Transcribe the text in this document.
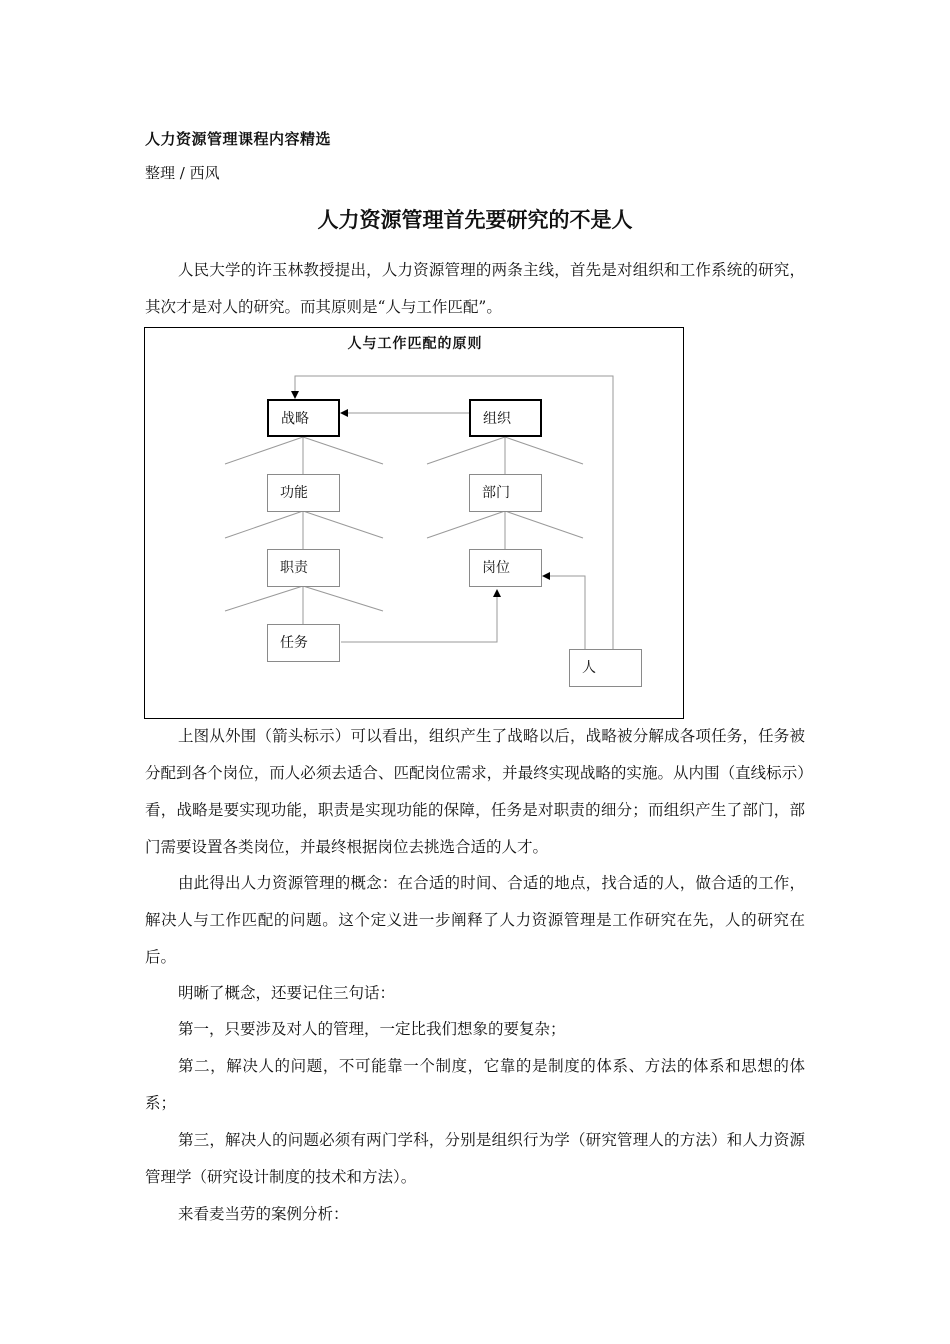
人力资源管理课程内容精选
整理 / 西风
人力资源管理首先要研究的不是人

人民大学的许玉林教授提出，人力资源管理的两条主线，首先是对组织和工作系统的研究，其次才是对人的研究。而其原则是“人与工作匹配”。

人与工作匹配的原则
战略	组织
功能	部门
职责	岗位
任务
人

上图从外围（箭头标示）可以看出，组织产生了战略以后，战略被分解成各项任务，任务被分配到各个岗位，而人必须去适合、匹配岗位需求，并最终实现战略的实施。从内围（直线标示）看，战略是要实现功能，职责是实现功能的保障，任务是对职责的细分；而组织产生了部门，部门需要设置各类岗位，并最终根据岗位去挑选合适的人才。

由此得出人力资源管理的概念：在合适的时间、合适的地点，找合适的人，做合适的工作，解决人与工作匹配的问题。这个定义进一步阐释了人力资源管理是工作研究在先，人的研究在后。

明晰了概念，还要记住三句话：

第一，只要涉及对人的管理，一定比我们想象的要复杂；

第二，解决人的问题，不可能靠一个制度，它靠的是制度的体系、方法的体系和思想的体系；

第三，解决人的问题必须有两门学科，分别是组织行为学（研究管理人的方法）和人力资源管理学（研究设计制度的技术和方法）。

来看麦当劳的案例分析：
